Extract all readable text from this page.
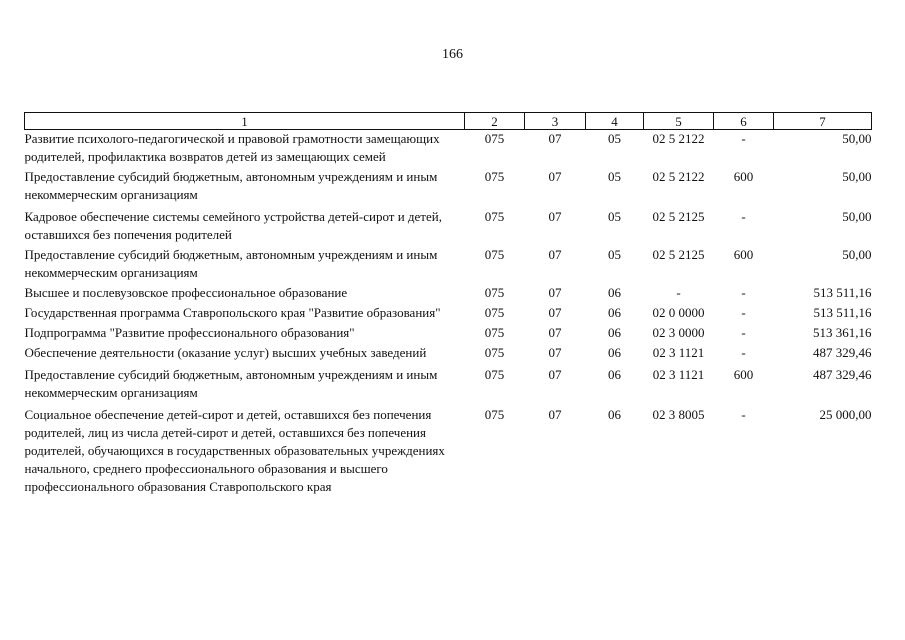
166
1	2	3	4	5	6	7
Развитие психолого-педагогической и правовой грамотности замещающих родителей, профилактика возвратов детей из замещающих семей	075	07	05	02 5 2122	-	50,00
Предоставление субсидий бюджетным, автономным учреждениям и иным некоммерческим организациям	075	07	05	02 5 2122	600	50,00
Кадровое обеспечение системы семейного устройства детей-сирот и детей, оставшихся без попечения родителей	075	07	05	02 5 2125	-	50,00
Предоставление субсидий бюджетным, автономным учреждениям и иным некоммерческим организациям	075	07	05	02 5 2125	600	50,00
Высшее и послевузовское профессиональное образование	075	07	06	-	-	513 511,16
Государственная программа Ставропольского края "Развитие образования"	075	07	06	02 0 0000	-	513 511,16
Подпрограмма "Развитие профессионального образования"	075	07	06	02 3 0000	-	513 361,16
Обеспечение деятельности (оказание услуг) высших учебных заведений	075	07	06	02 3 1121	-	487 329,46
Предоставление субсидий бюджетным, автономным учреждениям и иным некоммерческим организациям	075	07	06	02 3 1121	600	487 329,46
Социальное обеспечение детей-сирот и детей, оставшихся без попечения родителей, лиц из числа детей-сирот и детей, оставшихся без попечения родителей, обучающихся в государственных образовательных учреждениях начального, среднего профессионального образования и высшего профессионального образования Ставропольского края	075	07	06	02 3 8005	-	25 000,00
